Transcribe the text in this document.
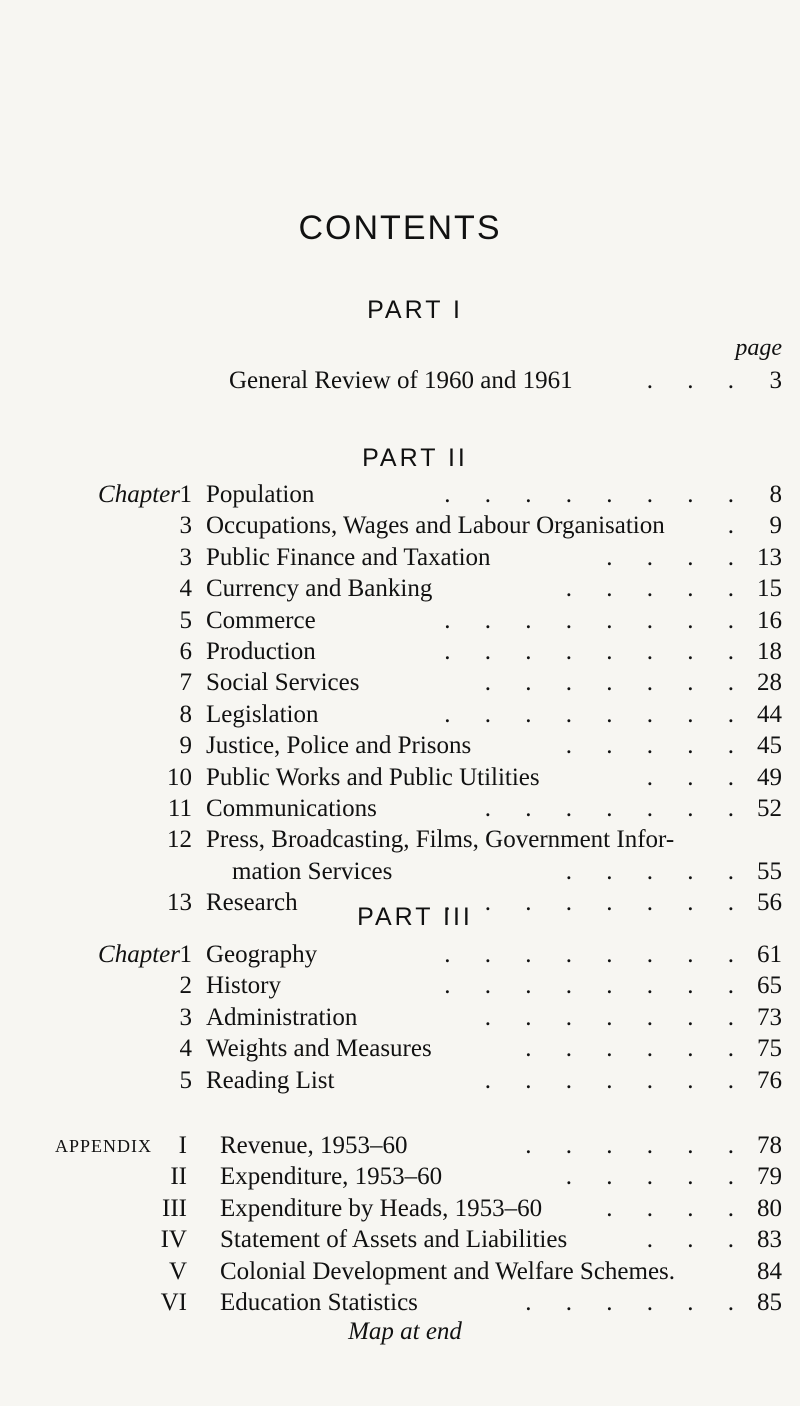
CONTENTS
PART I
page
General Review of 1960 and 1961	. . . 3
PART II
Chapter 1 Population	. . . . . . . . 8
3 Occupations, Wages and Labour Organisation	. 9
3 Public Finance and Taxation	. . . . 13
4 Currency and Banking	. . . . . 15
5 Commerce	. . . . . . . . 16
6 Production	. . . . . . . . 18
7 Social Services	. . . . . . . 28
8 Legislation	. . . . . . . . 44
9 Justice, Police and Prisons	. . . . . 45
10 Public Works and Public Utilities	. . . 49
11 Communications	. . . . . . . 52
12 Press, Broadcasting, Films, Government Infor-
mation Services	. . . . . 55
13 Research	. . . . . . . . 56
PART III
Chapter 1 Geography	. . . . . . . . 61
2 History	. . . . . . . . 65
3 Administration	. . . . . . . 73
4 Weights and Measures	. . . . . . 75
5 Reading List	. . . . . . . 76
APPENDIX I Revenue, 1953–60	. . . . . . 78
II Expenditure, 1953–60	. . . . . 79
III Expenditure by Heads, 1953–60	. . . . 80
IV Statement of Assets and Liabilities	. . . 83
V Colonial Development and Welfare Schemes.	84
VI Education Statistics	. . . . . . 85
Map at end
